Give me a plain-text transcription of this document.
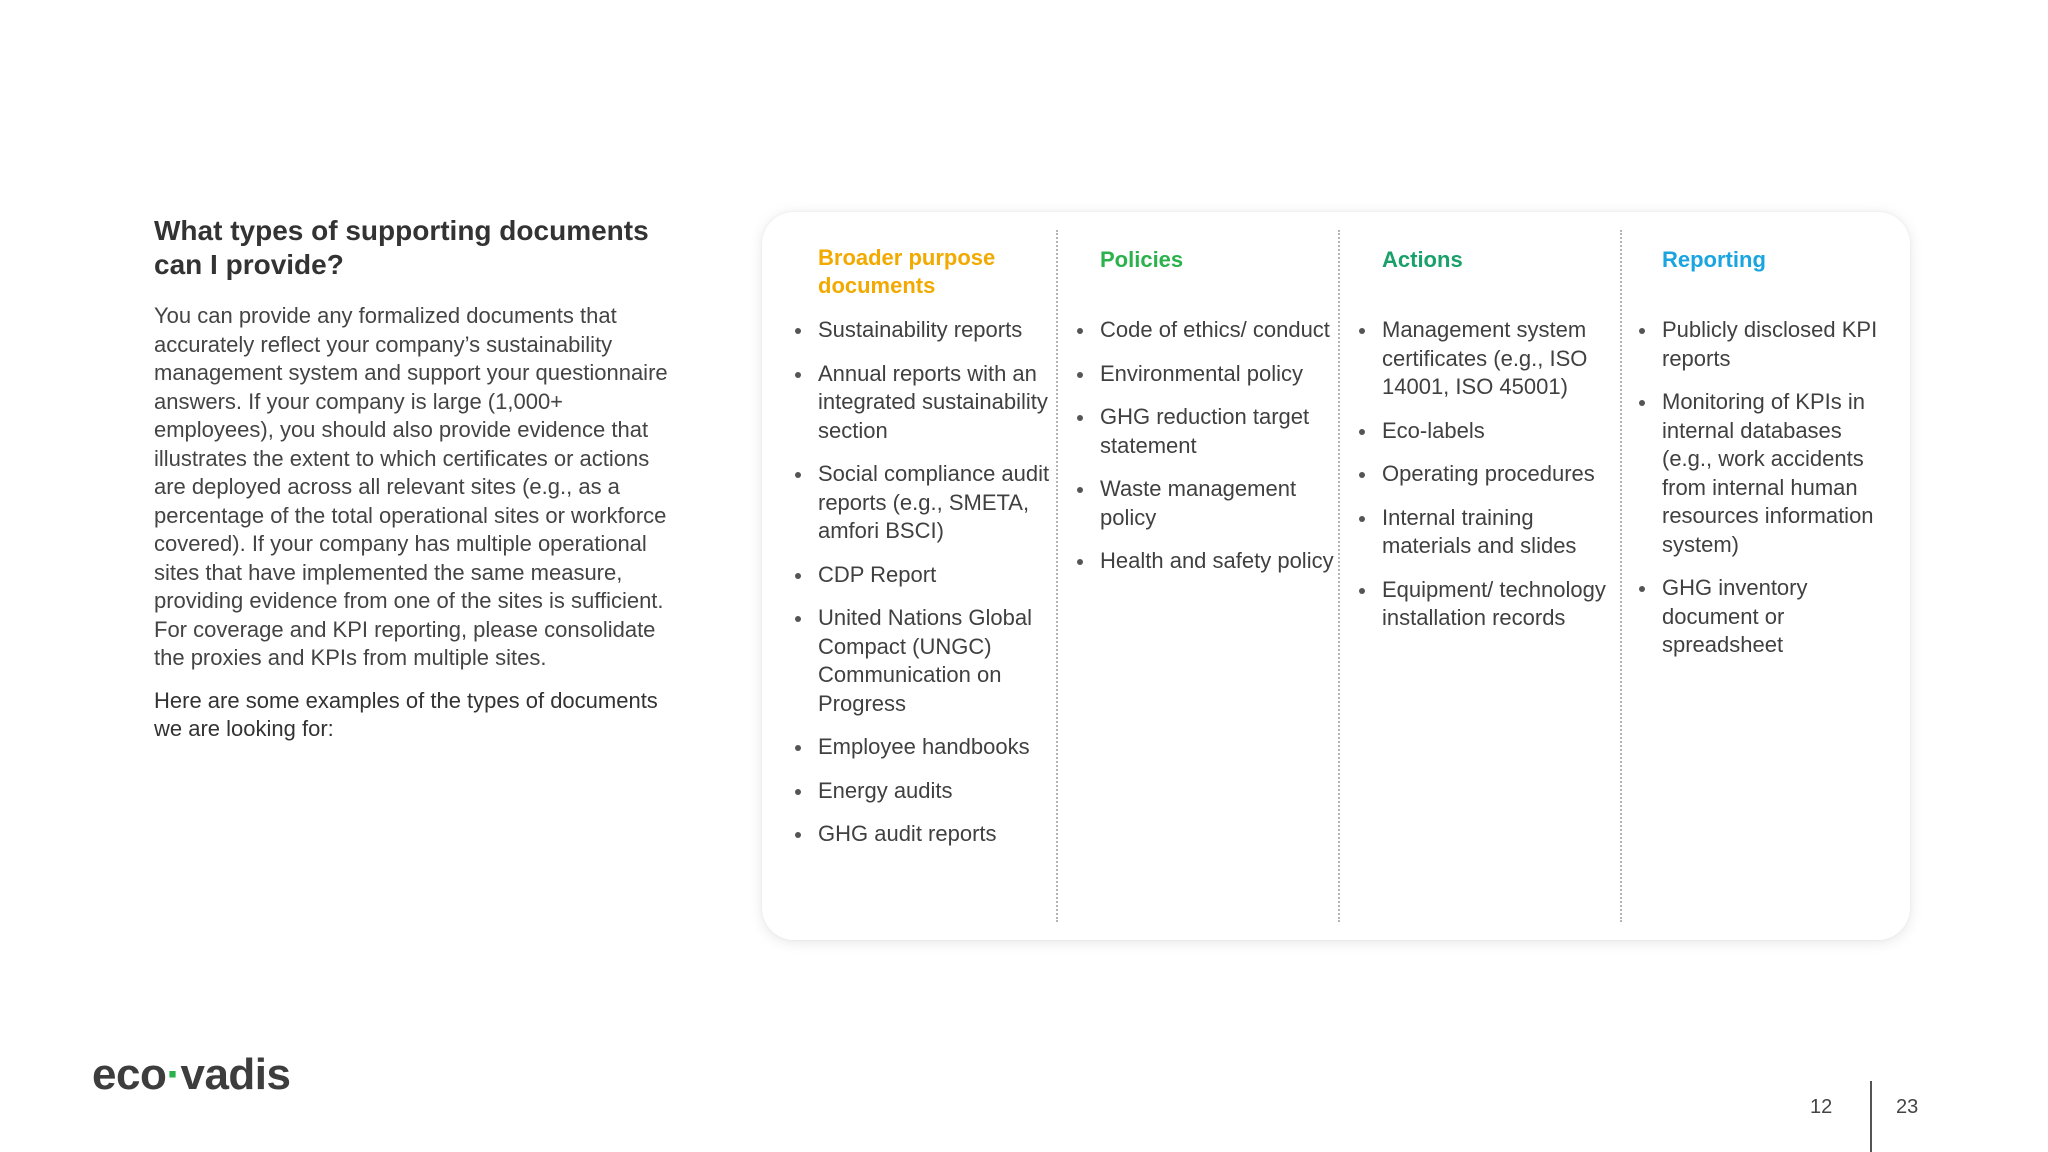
What types of supporting documents can I provide?

You can provide any formalized documents that accurately reflect your company’s sustainability management system and support your questionnaire answers. If your company is large (1,000+ employees), you should also provide evidence that illustrates the extent to which certificates or actions are deployed across all relevant sites (e.g., as a percentage of the total operational sites or workforce covered). If your company has multiple operational sites that have implemented the same measure, providing evidence from one of the sites is sufficient. For coverage and KPI reporting, please consolidate the proxies and KPIs from multiple sites.

Here are some examples of the types of documents we are looking for:

Broader purpose documents
Sustainability reports
Annual reports with an integrated sustainability section
Social compliance audit reports (e.g., SMETA, amfori BSCI)
CDP Report
United Nations Global Compact (UNGC) Communication on Progress
Employee handbooks
Energy audits
GHG audit reports
Policies
Code of ethics/ conduct
Environmental policy
GHG reduction target statement
Waste management policy
Health and safety policy
Actions
Management system certificates (e.g., ISO 14001, ISO 45001)
Eco-labels
Operating procedures
Internal training materials and slides
Equipment/ technology installation records
Reporting
Publicly disclosed KPI reports
Monitoring of KPIs in internal databases (e.g., work accidents from internal human resources information system)
GHG inventory document or spreadsheet
eco·vadis
12	23
